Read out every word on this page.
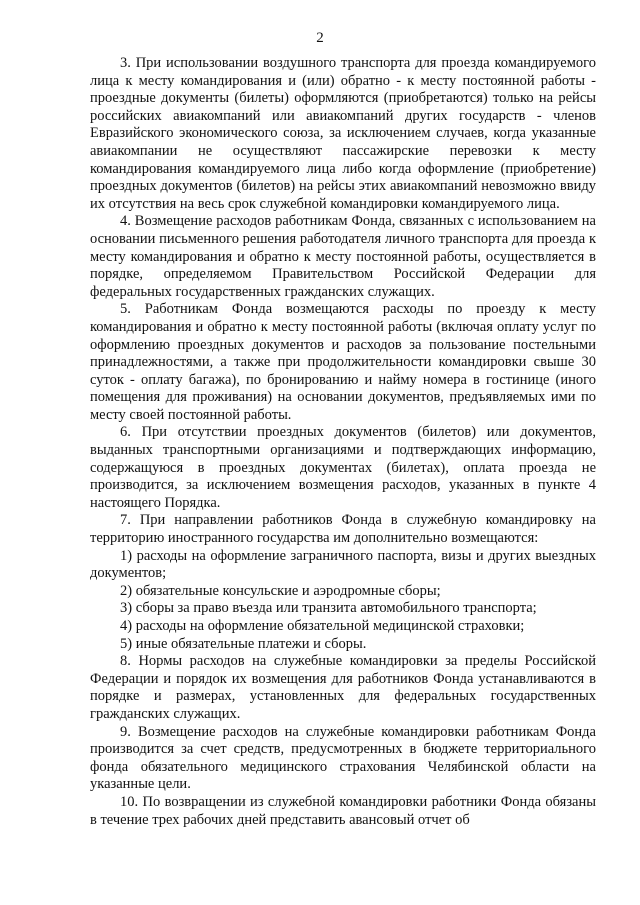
2

3. При использовании воздушного транспорта для проезда командируемого лица к месту командирования и (или) обратно - к месту постоянной работы - проездные документы (билеты) оформляются (приобретаются) только на рейсы российских авиакомпаний или авиакомпаний других государств - членов Евразийского экономического союза, за исключением случаев, когда указанные авиакомпании не осуществляют пассажирские перевозки к месту командирования командируемого лица либо когда оформление (приобретение) проездных документов (билетов) на рейсы этих авиакомпаний невозможно ввиду их отсутствия на весь срок служебной командировки командируемого лица.

4. Возмещение расходов работникам Фонда, связанных с использованием на основании письменного решения работодателя личного транспорта для проезда к месту командирования и обратно к месту постоянной работы, осуществляется в порядке, определяемом Правительством Российской Федерации для федеральных государственных гражданских служащих.

5. Работникам Фонда возмещаются расходы по проезду к месту командирования и обратно к месту постоянной работы (включая оплату услуг по оформлению проездных документов и расходов за пользование постельными принадлежностями, а также при продолжительности командировки свыше 30 суток - оплату багажа), по бронированию и найму номера в гостинице (иного помещения для проживания) на основании документов, предъявляемых ими по месту своей постоянной работы.

6. При отсутствии проездных документов (билетов) или документов, выданных транспортными организациями и подтверждающих информацию, содержащуюся в проездных документах (билетах), оплата проезда не производится, за исключением возмещения расходов, указанных в пункте 4 настоящего Порядка.

7. При направлении работников Фонда в служебную командировку на территорию иностранного государства им дополнительно возмещаются:

1) расходы на оформление заграничного паспорта, визы и других выездных документов;

2) обязательные консульские и аэродромные сборы;

3) сборы за право въезда или транзита автомобильного транспорта;

4) расходы на оформление обязательной медицинской страховки;

5) иные обязательные платежи и сборы.

8. Нормы расходов на служебные командировки за пределы Российской Федерации и порядок их возмещения для работников Фонда устанавливаются в порядке и размерах, установленных для федеральных государственных гражданских служащих.

9. Возмещение расходов на служебные командировки работникам Фонда производится за счет средств, предусмотренных в бюджете территориального фонда обязательного медицинского страхования Челябинской области на указанные цели.

10. По возвращении из служебной командировки работники Фонда обязаны в течение трех рабочих дней представить авансовый отчет об
